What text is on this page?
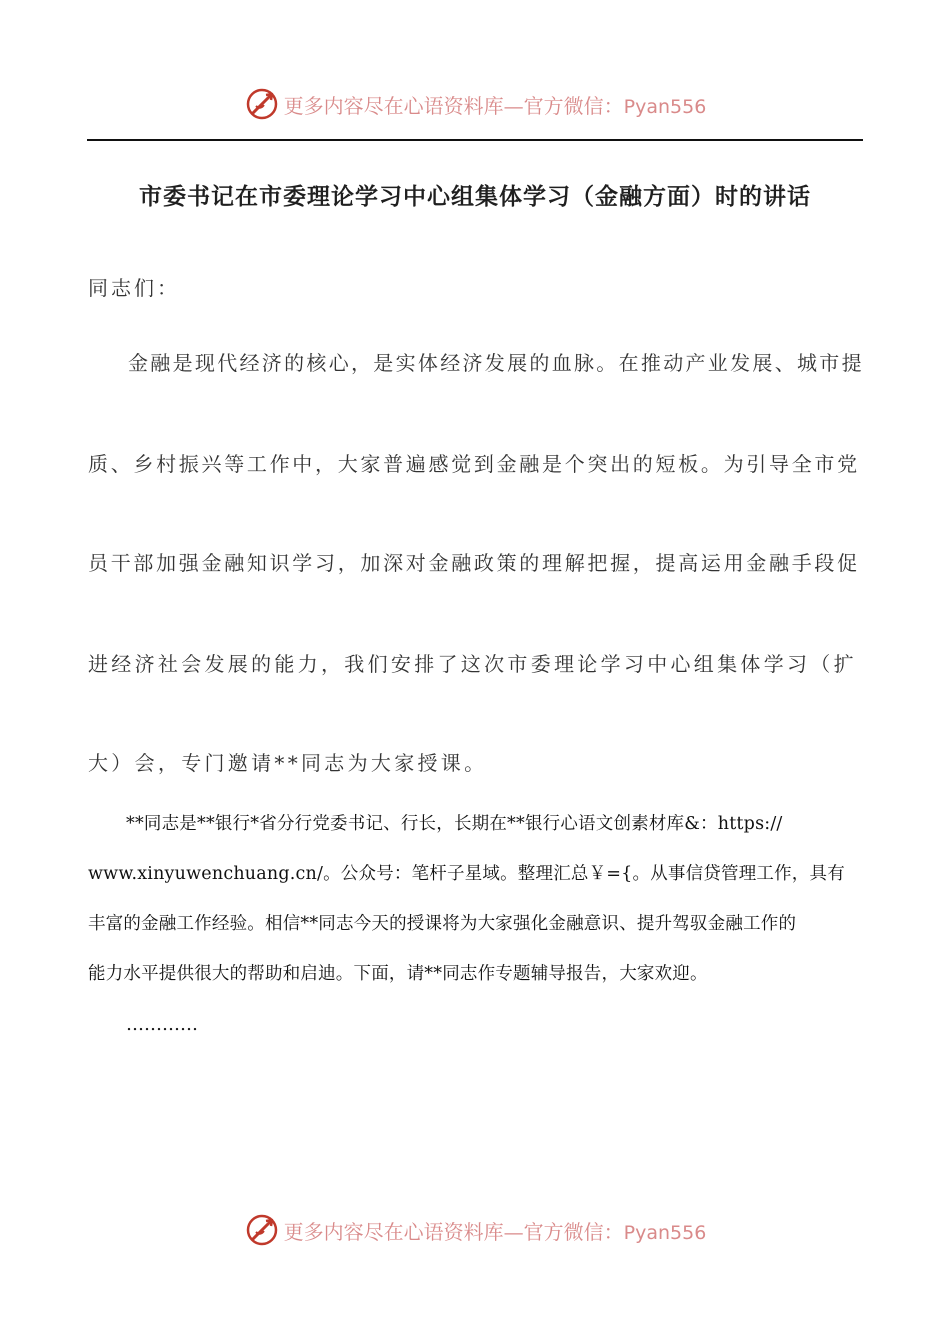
更多内容尽在心语资料库—官方微信：Pyan556
市委书记在市委理论学习中心组集体学习（金融方面）时的讲话
同志们：
金融是现代经济的核心，是实体经济发展的血脉。在推动产业发展、城市提
质、乡村振兴等工作中，大家普遍感觉到金融是个突出的短板。为引导全市党
员干部加强金融知识学习，加深对金融政策的理解把握，提高运用金融手段促
进经济社会发展的能力，我们安排了这次市委理论学习中心组集体学习（扩
大）会，专门邀请**同志为大家授课。
**同志是**银行*省分行党委书记、行长，长期在**银行心语文创素材库&：https://
www.xinyuwenchuang.cn/。公众号：笔杆子星域。整理汇总￥={。从事信贷管理工作，具有
丰富的金融工作经验。相信**同志今天的授课将为大家强化金融意识、提升驾驭金融工作的
能力水平提供很大的帮助和启迪。下面，请**同志作专题辅导报告，大家欢迎。
…………
更多内容尽在心语资料库—官方微信：Pyan556
